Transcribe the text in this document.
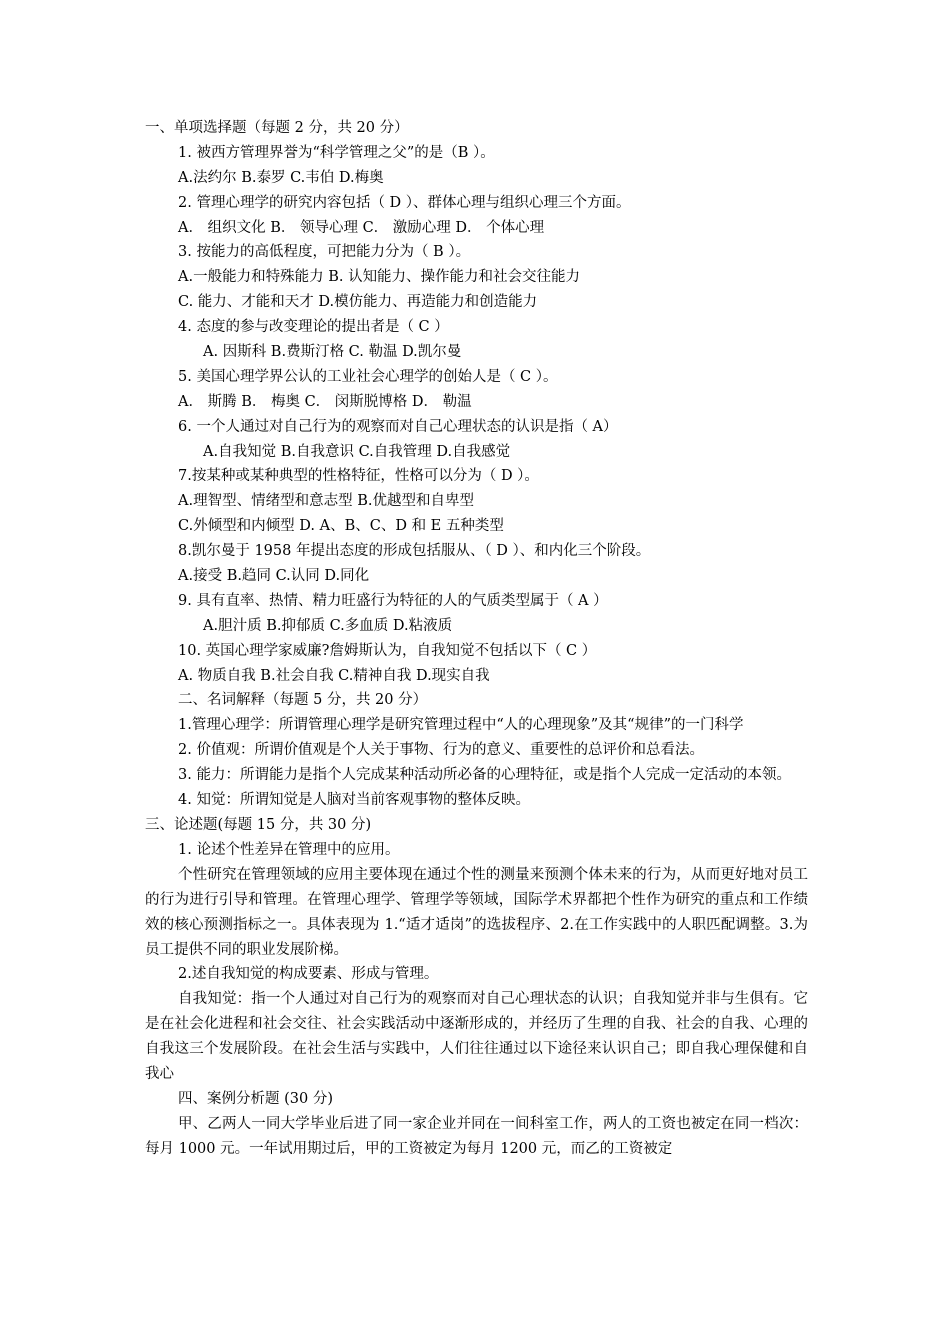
一、单项选择题（每题 2 分，共 20 分）
1. 被西方管理界誉为“科学管理之父”的是（B ）。
A.法约尔 B.泰罗 C.韦伯 D.梅奥
2. 管理心理学的研究内容包括（ D ）、群体心理与组织心理三个方面。
A． 组织文化 B． 领导心理 C． 激励心理 D． 个体心理
3. 按能力的高低程度，可把能力分为（ B ）。
A.一般能力和特殊能力 B. 认知能力、操作能力和社会交往能力
C. 能力、才能和天才 D.模仿能力、再造能力和创造能力
4. 态度的参与改变理论的提出者是（ C ）
A. 因斯科 B.费斯汀格 C. 勒温 D.凯尔曼
5. 美国心理学界公认的工业社会心理学的创始人是（ C ）。
A． 斯腾 B． 梅奥 C． 闵斯脱博格 D． 勒温
6. 一个人通过对自己行为的观察而对自己心理状态的认识是指（ A）
A.自我知觉 B.自我意识 C.自我管理 D.自我感觉
7.按某种或某种典型的性格特征，性格可以分为（ D ）。
A.理智型、情绪型和意志型 B.优越型和自卑型
C.外倾型和内倾型 D. A、B、C、D 和 E 五种类型
8.凯尔曼于 1958 年提出态度的形成包括服从、（ D ）、和内化三个阶段。
A.接受 B.趋同 C.认同 D.同化
9. 具有直率、热情、精力旺盛行为特征的人的气质类型属于（ A ）
A.胆汁质 B.抑郁质 C.多血质 D.粘液质
10. 英国心理学家威廉?詹姆斯认为，自我知觉不包括以下（ C ）
A. 物质自我 B.社会自我 C.精神自我 D.现实自我
二、名词解释（每题 5 分，共 20 分）
1.管理心理学：所谓管理心理学是研究管理过程中“人的心理现象”及其“规律”的一门科学
2. 价值观：所谓价值观是个人关于事物、行为的意义、重要性的总评价和总看法。
3. 能力：所谓能力是指个人完成某种活动所必备的心理特征，或是指个人完成一定活动的本领。
4. 知觉：所谓知觉是人脑对当前客观事物的整体反映。
三、论述题(每题 15 分，共 30 分)
1. 论述个性差异在管理中的应用。
个性研究在管理领域的应用主要体现在通过个性的测量来预测个体未来的行为，从而更好地对员工的行为进行引导和管理。在管理心理学、管理学等领域，国际学术界都把个性作为研究的重点和工作绩效的核心预测指标之一。具体表现为 1.“适才适岗”的选拔程序、2.在工作实践中的人职匹配调整。3.为员工提供不同的职业发展阶梯。
2.述自我知觉的构成要素、形成与管理。
自我知觉：指一个人通过对自己行为的观察而对自己心理状态的认识；自我知觉并非与生俱有。它是在社会化进程和社会交往、社会实践活动中逐渐形成的，并经历了生理的自我、社会的自我、心理的自我这三个发展阶段。在社会生活与实践中，人们往往通过以下途径来认识自己；即自我心理保健和自我心
四、案例分析题 (30 分)
甲、乙两人一同大学毕业后进了同一家企业并同在一间科室工作，两人的工资也被定在同一档次：每月 1000 元。一年试用期过后，甲的工资被定为每月 1200 元，而乙的工资被定
